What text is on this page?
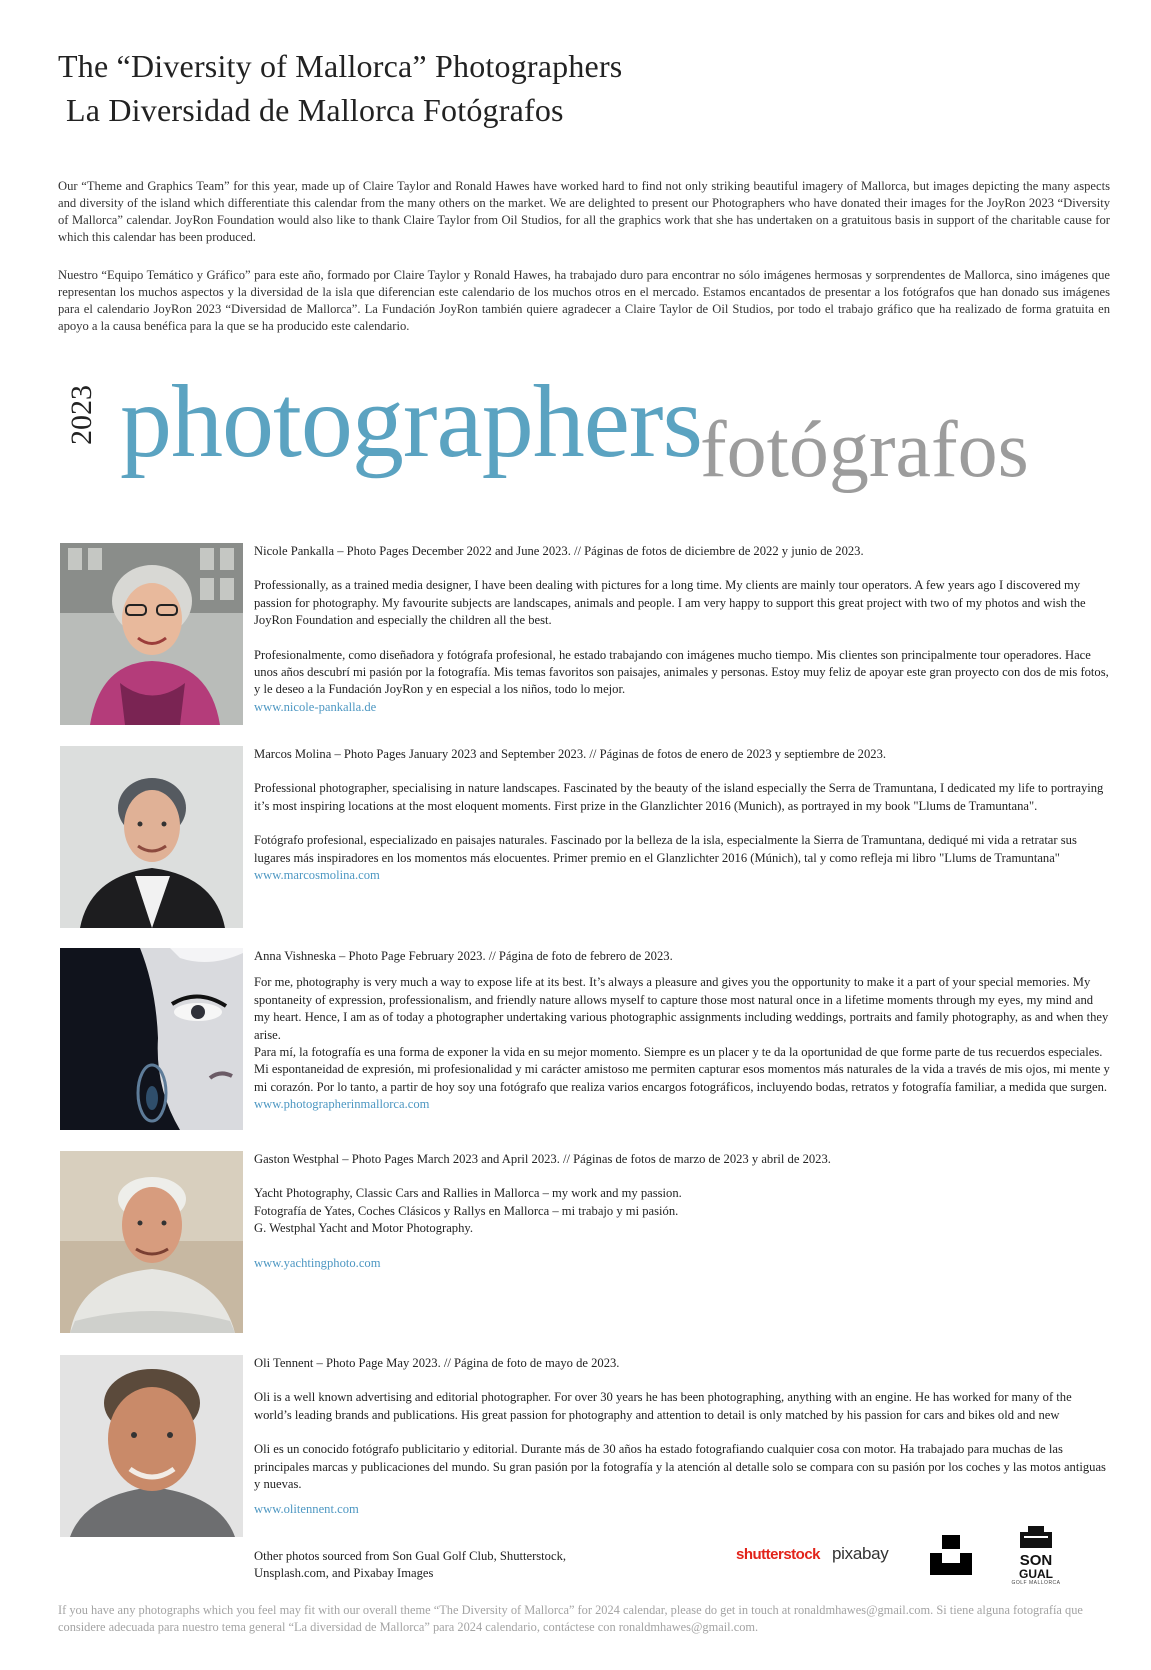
The “Diversity of Mallorca” Photographers
La Diversidad de Mallorca Fotógrafos
Our “Theme and Graphics Team” for this year, made up of Claire Taylor and Ronald Hawes have worked hard to find not only striking beautiful imagery of Mallorca, but images depicting the many aspects and diversity of the island which differentiate this calendar from the many others on the market. We are delighted to present our Photographers who have donated their images for the JoyRon 2023 “Diversity of Mallorca” calendar. JoyRon Foundation would also like to thank Claire Taylor from Oil Studios, for all the graphics work that she has undertaken on a gratuitous basis in support of the charitable cause for which this calendar has been produced.
Nuestro “Equipo Temático y Gráfico” para este año, formado por Claire Taylor y Ronald Hawes, ha trabajado duro para encontrar no sólo imágenes hermosas y sorprendentes de Mallorca, sino imágenes que representan los muchos aspectos y la diversidad de la isla que diferencian este calendario de los muchos otros en el mercado. Estamos encantados de presentar a los fotógrafos que han donado sus imágenes para el calendario JoyRon 2023 “Diversidad de Mallorca”. La Fundación JoyRon también quiere agradecer a Claire Taylor de Oil Studios, por todo el trabajo gráfico que ha realizado de forma gratuita en apoyo a la causa benéfica para la que se ha producido este calendario.
2023 photographers
fotógrafos

Nicole Pankalla – Photo Pages December 2022 and June 2023. // Páginas de fotos de diciembre de 2022 y junio de 2023.

Professionally, as a trained media designer, I have been dealing with pictures for a long time. My clients are mainly tour operators. A few years ago I discovered my passion for photography. My favourite subjects are landscapes, animals and people. I am very happy to support this great project with two of my photos and wish the JoyRon Foundation and especially the children all the best.

Profesionalmente, como diseñadora y fotógrafa profesional, he estado trabajando con imágenes mucho tiempo. Mis clientes son principalmente tour operadores. Hace unos años descubrí mi pasión por la fotografía. Mis temas favoritos son paisajes, animales y personas. Estoy muy feliz de apoyar este gran proyecto con dos de mis fotos, y le deseo a la Fundación JoyRon y en especial a los niños, todo lo mejor.

www.nicole-pankalla.de

Marcos Molina – Photo Pages January 2023 and September 2023. // Páginas de fotos de enero de 2023 y septiembre de 2023.

Professional photographer, specialising in nature landscapes. Fascinated by the beauty of the island especially the Serra de Tramuntana, I dedicated my life to portraying it’s most inspiring locations at the most eloquent moments. First prize in the Glanzlichter 2016 (Munich), as portrayed in my book "Llums de Tramuntana".

Fotógrafo profesional, especializado en paisajes naturales. Fascinado por la belleza de la isla, especialmente la Sierra de Tramuntana, dediqué mi vida a retratar sus lugares más inspiradores en los momentos más elocuentes. Primer premio en el Glanzlichter 2016 (Múnich), tal y como refleja mi libro "Llums de Tramuntana"

www.marcosmolina.com

Anna Vishneska – Photo Page February 2023. // Página de foto de febrero de 2023.

For me, photography is very much a way to expose life at its best. It’s always a pleasure and gives you the opportunity to make it a part of your special memories. My spontaneity of expression, professionalism, and friendly nature allows myself to capture those most natural once in a lifetime moments through my eyes, my mind and my heart. Hence, I am as of today a photographer undertaking various photographic assignments including weddings, portraits and family photography, as and when they arise.

Para mí, la fotografía es una forma de exponer la vida en su mejor momento. Siempre es un placer y te da la oportunidad de que forme parte de tus recuerdos especiales. Mi espontaneidad de expresión, mi profesionalidad y mi carácter amistoso me permiten capturar esos momentos más naturales de la vida a través de mis ojos, mi mente y mi corazón. Por lo tanto, a partir de hoy soy una fotógrafo que realiza varios encargos fotográficos, incluyendo bodas, retratos y fotografía familiar, a medida que surgen.

www.photographerinmallorca.com

Gaston Westphal – Photo Pages March 2023 and April 2023. // Páginas de fotos de marzo de 2023 y abril de 2023.

Yacht Photography, Classic Cars and Rallies in Mallorca – my work and my passion.

Fotografía de Yates, Coches Clásicos y Rallys en Mallorca – mi trabajo y mi pasión.

G. Westphal Yacht and Motor Photography.

www.yachtingphoto.com

Oli Tennent – Photo Page May 2023. // Página de foto de mayo de 2023.

Oli is a well known advertising and editorial photographer. For over 30 years he has been photographing, anything with an engine. He has worked for many of the world’s leading brands and publications. His great passion for photography and attention to detail is only matched by his passion for cars and bikes old and new

Oli es un conocido fotógrafo publicitario y editorial. Durante más de 30 años ha estado fotografiando cualquier cosa con motor. Ha trabajado para muchas de las principales marcas y publicaciones del mundo. Su gran pasión por la fotografía y la atención al detalle solo se compara con su pasión por los coches y las motos antiguas y nuevas.

www.olitennent.com
Other photos sourced from Son Gual Golf Club, Shutterstock, Unsplash.com, and Pixabay Images
shutterstock pixabay	SON
GUAL
GOLF MALLORCA
If you have any photographs which you feel may fit with our overall theme “The Diversity of Mallorca” for 2024 calendar, please do get in touch at ronaldmhawes@gmail.com. Si tiene alguna fotografía que considere adecuada para nuestro tema general “La diversidad de Mallorca” para 2024 calendario, contáctese con ronaldmhawes@gmail.com.
